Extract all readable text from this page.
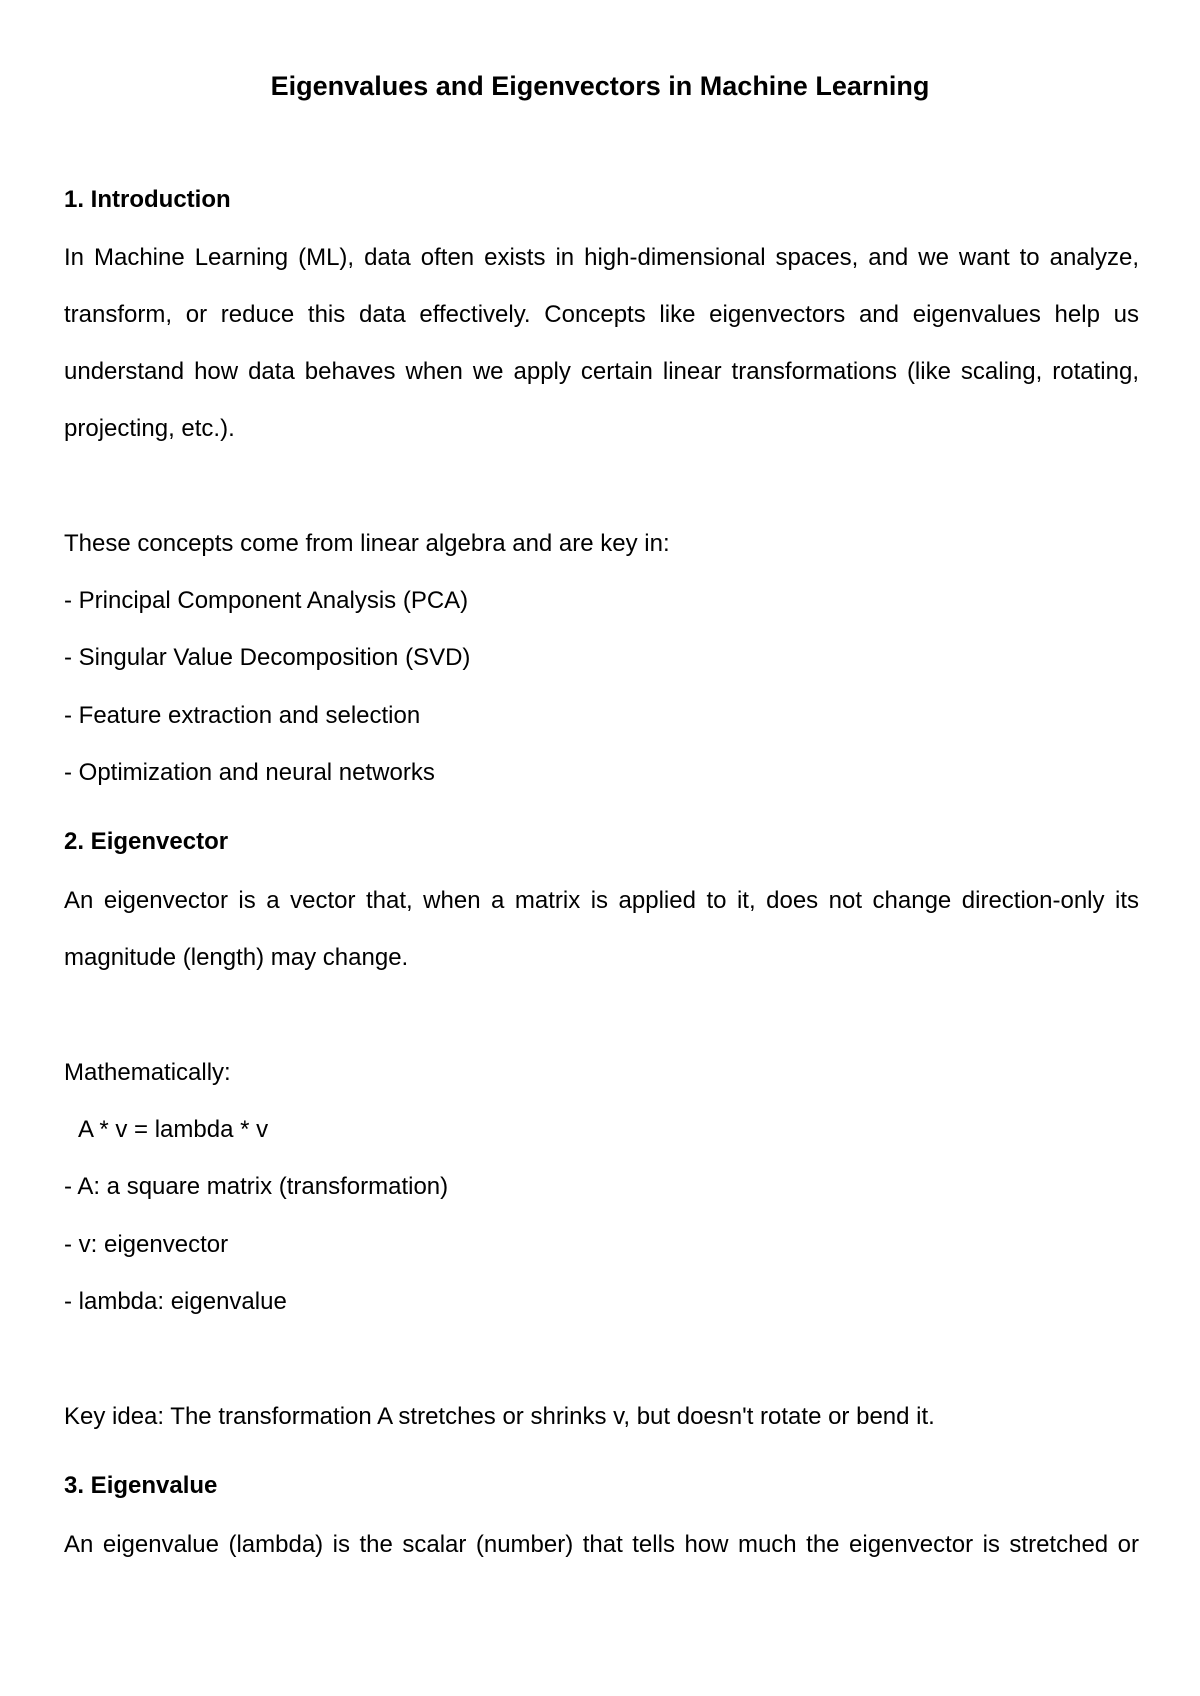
Eigenvalues and Eigenvectors in Machine Learning

1. Introduction

In Machine Learning (ML), data often exists in high-dimensional spaces, and we want to analyze,

transform, or reduce this data effectively. Concepts like eigenvectors and eigenvalues help us

understand how data behaves when we apply certain linear transformations (like scaling, rotating,

projecting, etc.).

These concepts come from linear algebra and are key in:

- Principal Component Analysis (PCA)

- Singular Value Decomposition (SVD)

- Feature extraction and selection

- Optimization and neural networks

2. Eigenvector

An eigenvector is a vector that, when a matrix is applied to it, does not change direction-only its

magnitude (length) may change.

Mathematically:

A * v = lambda * v

- A: a square matrix (transformation)

- v: eigenvector

- lambda: eigenvalue

Key idea: The transformation A stretches or shrinks v, but doesn't rotate or bend it.

3. Eigenvalue

An eigenvalue (lambda) is the scalar (number) that tells how much the eigenvector is stretched or
